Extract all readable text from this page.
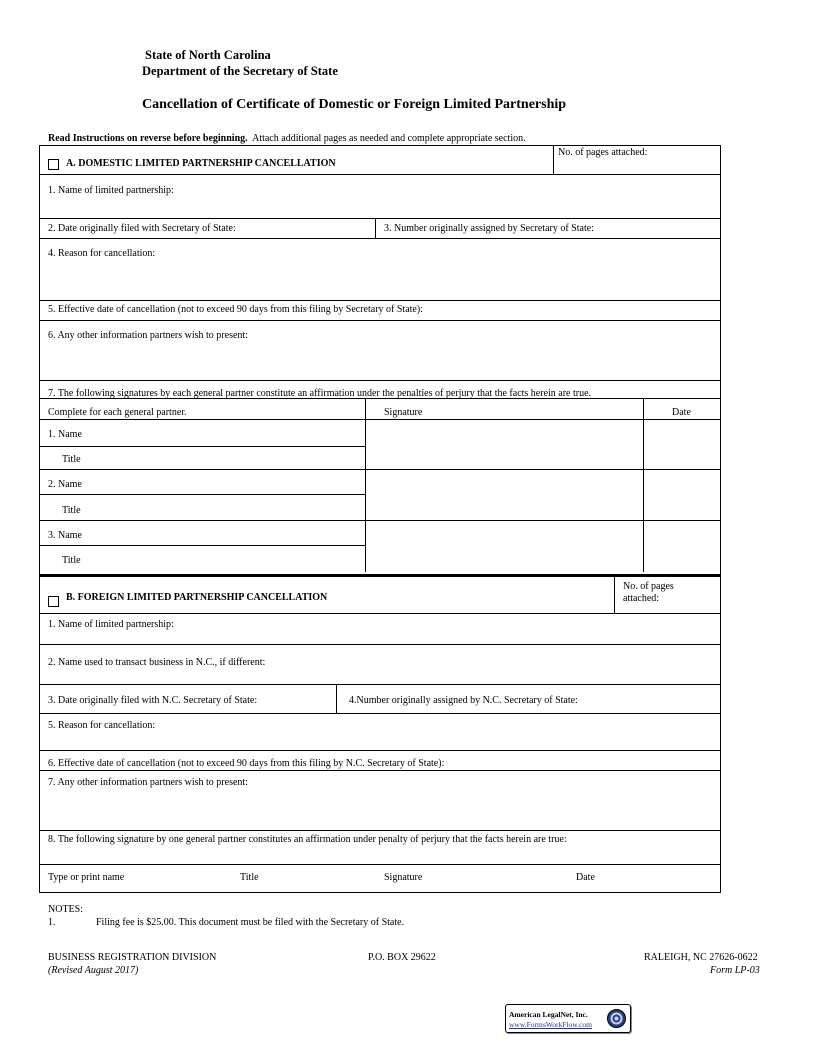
State of North Carolina
Department of the Secretary of State
Cancellation of Certificate of Domestic or Foreign Limited Partnership
Read Instructions on reverse before beginning. Attach additional pages as needed and complete appropriate section.
A. DOMESTIC LIMITED PARTNERSHIP CANCELLATION
No. of pages attached:
1. Name of limited partnership:
2. Date originally filed with Secretary of State:	3. Number originally assigned by Secretary of State:
4. Reason for cancellation:
5. Effective date of cancellation (not to exceed 90 days from this filing by Secretary of State):
6. Any other information partners wish to present:
7. The following signatures by each general partner constitute an affirmation under the penalties of perjury that the facts herein are true.
Complete for each general partner.	Signature	Date
1. Name
Title
2. Name
Title
3. Name
Title
B. FOREIGN LIMITED PARTNERSHIP CANCELLATION
No. of pages
attached:
1. Name of limited partnership:
2. Name used to transact business in N.C., if different:
3. Date originally filed with N.C. Secretary of State:	4.Number originally assigned by N.C. Secretary of State:
5. Reason for cancellation:
6. Effective date of cancellation (not to exceed 90 days from this filing by N.C. Secretary of State):
7. Any other information partners wish to present:
8. The following signature by one general partner constitutes an affirmation under penalty of perjury that the facts herein are true:
Type or print name	Title	Signature	Date
NOTES:
1.	Filing fee is $25.00. This document must be filed with the Secretary of State.
BUSINESS REGISTRATION DIVISION	P.O. BOX 29622	RALEIGH, NC 27626-0622
(Revised August 2017)	Form LP-03
American LegalNet, Inc.
www.FormsWorkFlow.com
